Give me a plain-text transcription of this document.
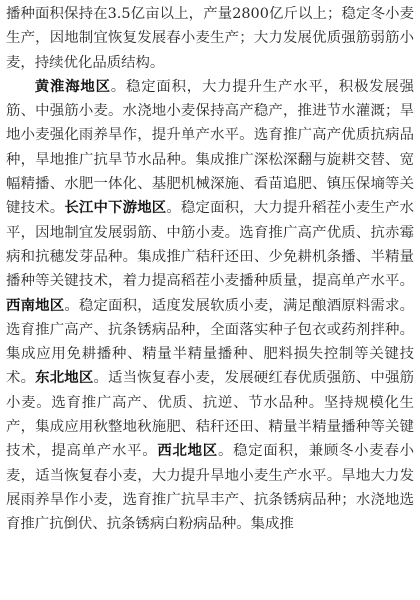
播种面积保持在3.5亿亩以上，产量2800亿斤以上；稳定冬小麦生产，因地制宜恢复发展春小麦生产；大力发展优质强筋弱筋小麦，持续优化品质结构。

黄淮海地区。稳定面积，大力提升生产水平，积极发展强筋、中强筋小麦。水浇地小麦保持高产稳产，推进节水灌溉；旱地小麦强化雨养旱作，提升单产水平。选育推广高产优质抗病品种，旱地推广抗旱节水品种。集成推广深松深翻与旋耕交替、宽幅精播、水肥一体化、基肥机械深施、看苗追肥、镇压保墒等关键技术。长江中下游地区。稳定面积，大力提升稻茬小麦生产水平，因地制宜发展弱筋、中筋小麦。选育推广高产优质、抗赤霉病和抗穗发芽品种。集成推广秸秆还田、少免耕机条播、半精量播种等关键技术，着力提高稻茬小麦播种质量，提高单产水平。西南地区。稳定面积，适度发展软质小麦，满足酿酒原料需求。选育推广高产、抗条锈病品种，全面落实种子包衣或药剂拌种。集成应用免耕播种、精量半精量播种、肥料损失控制等关键技术。东北地区。适当恢复春小麦，发展硬红春优质强筋、中强筋小麦。选育推广高产、优质、抗逆、节水品种。坚持规模化生产，集成应用秋整地秋施肥、秸秆还田、精量半精量播种等关键技术，提高单产水平。西北地区。稳定面积，兼顾冬小麦春小麦，适当恢复春小麦，大力提升旱地小麦生产水平。旱地大力发展雨养旱作小麦，选育推广抗旱丰产、抗条锈病品种；水浇地选育推广抗倒伏、抗条锈病白粉病品种。集成推
